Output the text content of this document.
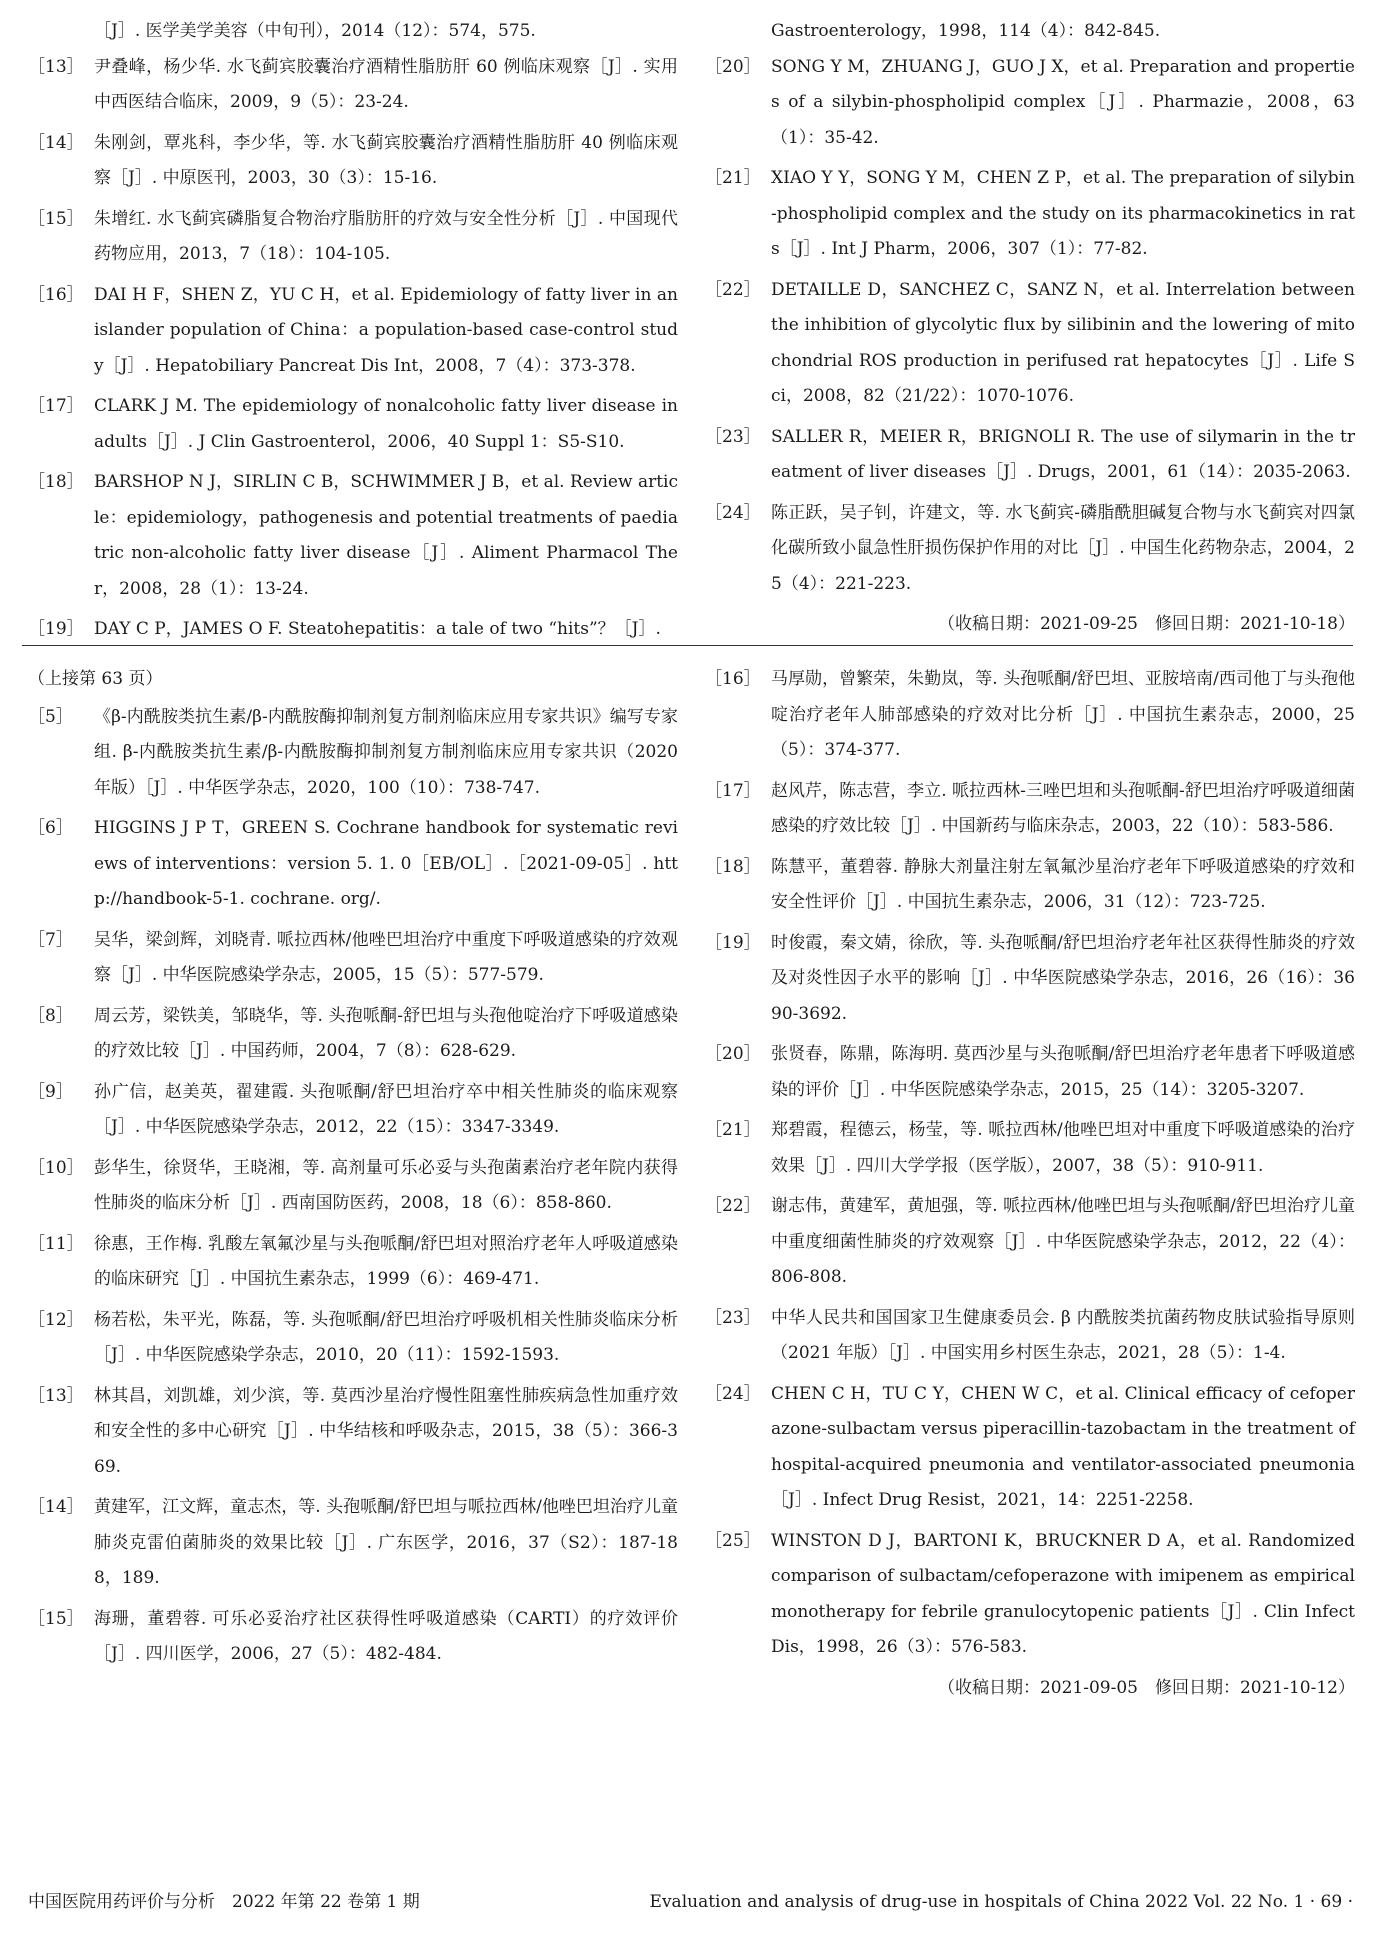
［J］. 医学美学美容（中旬刊），2014（12）：574，575.
［13］ 尹叠峰，杨少华. 水飞蓟宾胶囊治疗酒精性脂肪肝 60 例临床观察［J］. 实用中西医结合临床，2009，9（5）：23-24.
［14］ 朱刚剑，覃兆科，李少华，等. 水飞蓟宾胶囊治疗酒精性脂肪肝 40 例临床观察［J］. 中原医刊，2003，30（3）：15-16.
［15］ 朱增红. 水飞蓟宾磷脂复合物治疗脂肪肝的疗效与安全性分析［J］. 中国现代药物应用，2013，7（18）：104-105.
［16］ DAI H F，SHEN Z，YU C H，et al. Epidemiology of fatty liver in an islander population of China：a population-based case-control study［J］. Hepatobiliary Pancreat Dis Int，2008，7（4）：373-378.
［17］ CLARK J M. The epidemiology of nonalcoholic fatty liver disease in adults［J］. J Clin Gastroenterol，2006，40 Suppl 1：S5-S10.
［18］ BARSHOP N J，SIRLIN C B，SCHWIMMER J B，et al. Review article：epidemiology，pathogenesis and potential treatments of paediatric non-alcoholic fatty liver disease［J］. Aliment Pharmacol Ther，2008，28（1）：13-24.
［19］ DAY C P，JAMES O F. Steatohepatitis：a tale of two “hits”？［J］.
Gastroenterology，1998，114（4）：842-845.
［20］ SONG Y M，ZHUANG J，GUO J X，et al. Preparation and properties of a silybin-phospholipid complex［J］. Pharmazie，2008，63（1）：35-42.
［21］ XIAO Y Y，SONG Y M，CHEN Z P，et al. The preparation of silybin-phospholipid complex and the study on its pharmacokinetics in rats［J］. Int J Pharm，2006，307（1）：77-82.
［22］ DETAILLE D，SANCHEZ C，SANZ N，et al. Interrelation between the inhibition of glycolytic flux by silibinin and the lowering of mitochondrial ROS production in perifused rat hepatocytes［J］. Life Sci，2008，82（21/22）：1070-1076.
［23］ SALLER R，MEIER R，BRIGNOLI R. The use of silymarin in the treatment of liver diseases［J］. Drugs，2001，61（14）：2035-2063.
［24］ 陈正跃，吴子钊，许建文，等. 水飞蓟宾-磷脂酰胆碱复合物与水飞蓟宾对四氯化碳所致小鼠急性肝损伤保护作用的对比［J］. 中国生化药物杂志，2004，25（4）：221-223.
（收稿日期：2021-09-25　修回日期：2021-10-18）
（上接第 63 页）
［5］	《β-内酰胺类抗生素/β-内酰胺酶抑制剂复方制剂临床应用专家共识》编写专家组. β-内酰胺类抗生素/β-内酰胺酶抑制剂复方制剂临床应用专家共识（2020 年版）［J］. 中华医学杂志，2020，100（10）：738-747.
［6］	HIGGINS J P T，GREEN S. Cochrane handbook for systematic reviews of interventions：version 5. 1. 0［EB/OL］.［2021-09-05］. http://handbook-5-1. cochrane. org/.
［7］	吴华，梁剑辉，刘晓青. 哌拉西林/他唑巴坦治疗中重度下呼吸道感染的疗效观察［J］. 中华医院感染学杂志，2005，15（5）：577-579.
［8］	周云芳，梁铁美，邹晓华，等. 头孢哌酮-舒巴坦与头孢他啶治疗下呼吸道感染的疗效比较［J］. 中国药师，2004，7（8）：628-629.
［9］	孙广信，赵美英，翟建霞. 头孢哌酮/舒巴坦治疗卒中相关性肺炎的临床观察［J］. 中华医院感染学杂志，2012，22（15）：3347-3349.
［10］ 彭华生，徐贤华，王晓湘，等. 高剂量可乐必妥与头孢菌素治疗老年院内获得性肺炎的临床分析［J］. 西南国防医药，2008，18（6）：858-860.
［11］ 徐惠，王作梅. 乳酸左氧氟沙星与头孢哌酮/舒巴坦对照治疗老年人呼吸道感染的临床研究［J］. 中国抗生素杂志，1999（6）：469-471.
［12］ 杨若松，朱平光，陈磊，等. 头孢哌酮/舒巴坦治疗呼吸机相关性肺炎临床分析［J］. 中华医院感染学杂志，2010，20（11）：1592-1593.
［13］ 林其昌，刘凯雄，刘少滨，等. 莫西沙星治疗慢性阻塞性肺疾病急性加重疗效和安全性的多中心研究［J］. 中华结核和呼吸杂志，2015，38（5）：366-369.
［14］ 黄建军，江文辉，童志杰，等. 头孢哌酮/舒巴坦与哌拉西林/他唑巴坦治疗儿童肺炎克雷伯菌肺炎的效果比较［J］. 广东医学，2016，37（S2）：187-188，189.
［15］ 海珊，董碧蓉. 可乐必妥治疗社区获得性呼吸道感染（CARTI）的疗效评价［J］. 四川医学，2006，27（5）：482-484.
［16］ 马厚勋，曾繁荣，朱勤岚，等. 头孢哌酮/舒巴坦、亚胺培南/西司他丁与头孢他啶治疗老年人肺部感染的疗效对比分析［J］. 中国抗生素杂志，2000，25（5）：374-377.
［17］ 赵风芹，陈志营，李立. 哌拉西林-三唑巴坦和头孢哌酮-舒巴坦治疗呼吸道细菌感染的疗效比较［J］. 中国新药与临床杂志，2003，22（10）：583-586.
［18］ 陈慧平，董碧蓉. 静脉大剂量注射左氧氟沙星治疗老年下呼吸道感染的疗效和安全性评价［J］. 中国抗生素杂志，2006，31（12）：723-725.
［19］ 时俊霞，秦文婧，徐欣，等. 头孢哌酮/舒巴坦治疗老年社区获得性肺炎的疗效及对炎性因子水平的影响［J］. 中华医院感染学杂志，2016，26（16）：3690-3692.
［20］ 张贤春，陈鼎，陈海明. 莫西沙星与头孢哌酮/舒巴坦治疗老年患者下呼吸道感染的评价［J］. 中华医院感染学杂志，2015，25（14）：3205-3207.
［21］ 郑碧霞，程德云，杨莹，等. 哌拉西林/他唑巴坦对中重度下呼吸道感染的治疗效果［J］. 四川大学学报（医学版），2007，38（5）：910-911.
［22］ 谢志伟，黄建军，黄旭强，等. 哌拉西林/他唑巴坦与头孢哌酮/舒巴坦治疗儿童中重度细菌性肺炎的疗效观察［J］. 中华医院感染学杂志，2012，22（4）：806-808.
［23］ 中华人民共和国国家卫生健康委员会. β 内酰胺类抗菌药物皮肤试验指导原则（2021 年版）［J］. 中国实用乡村医生杂志，2021，28（5）：1-4.
［24］ CHEN C H，TU C Y，CHEN W C，et al. Clinical efficacy of cefoperazone-sulbactam versus piperacillin-tazobactam in the treatment of hospital-acquired pneumonia and ventilator-associated pneumonia［J］. Infect Drug Resist，2021，14：2251-2258.
［25］ WINSTON D J，BARTONI K，BRUCKNER D A，et al. Randomized comparison of sulbactam/cefoperazone with imipenem as empirical monotherapy for febrile granulocytopenic patients［J］. Clin Infect Dis，1998，26（3）：576-583.
（收稿日期：2021-09-05　修回日期：2021-10-12）
中国医院用药评价与分析　2022 年第 22 卷第 1 期	Evaluation and analysis of drug-use in hospitals of China 2022 Vol. 22 No. 1 · 69 ·
